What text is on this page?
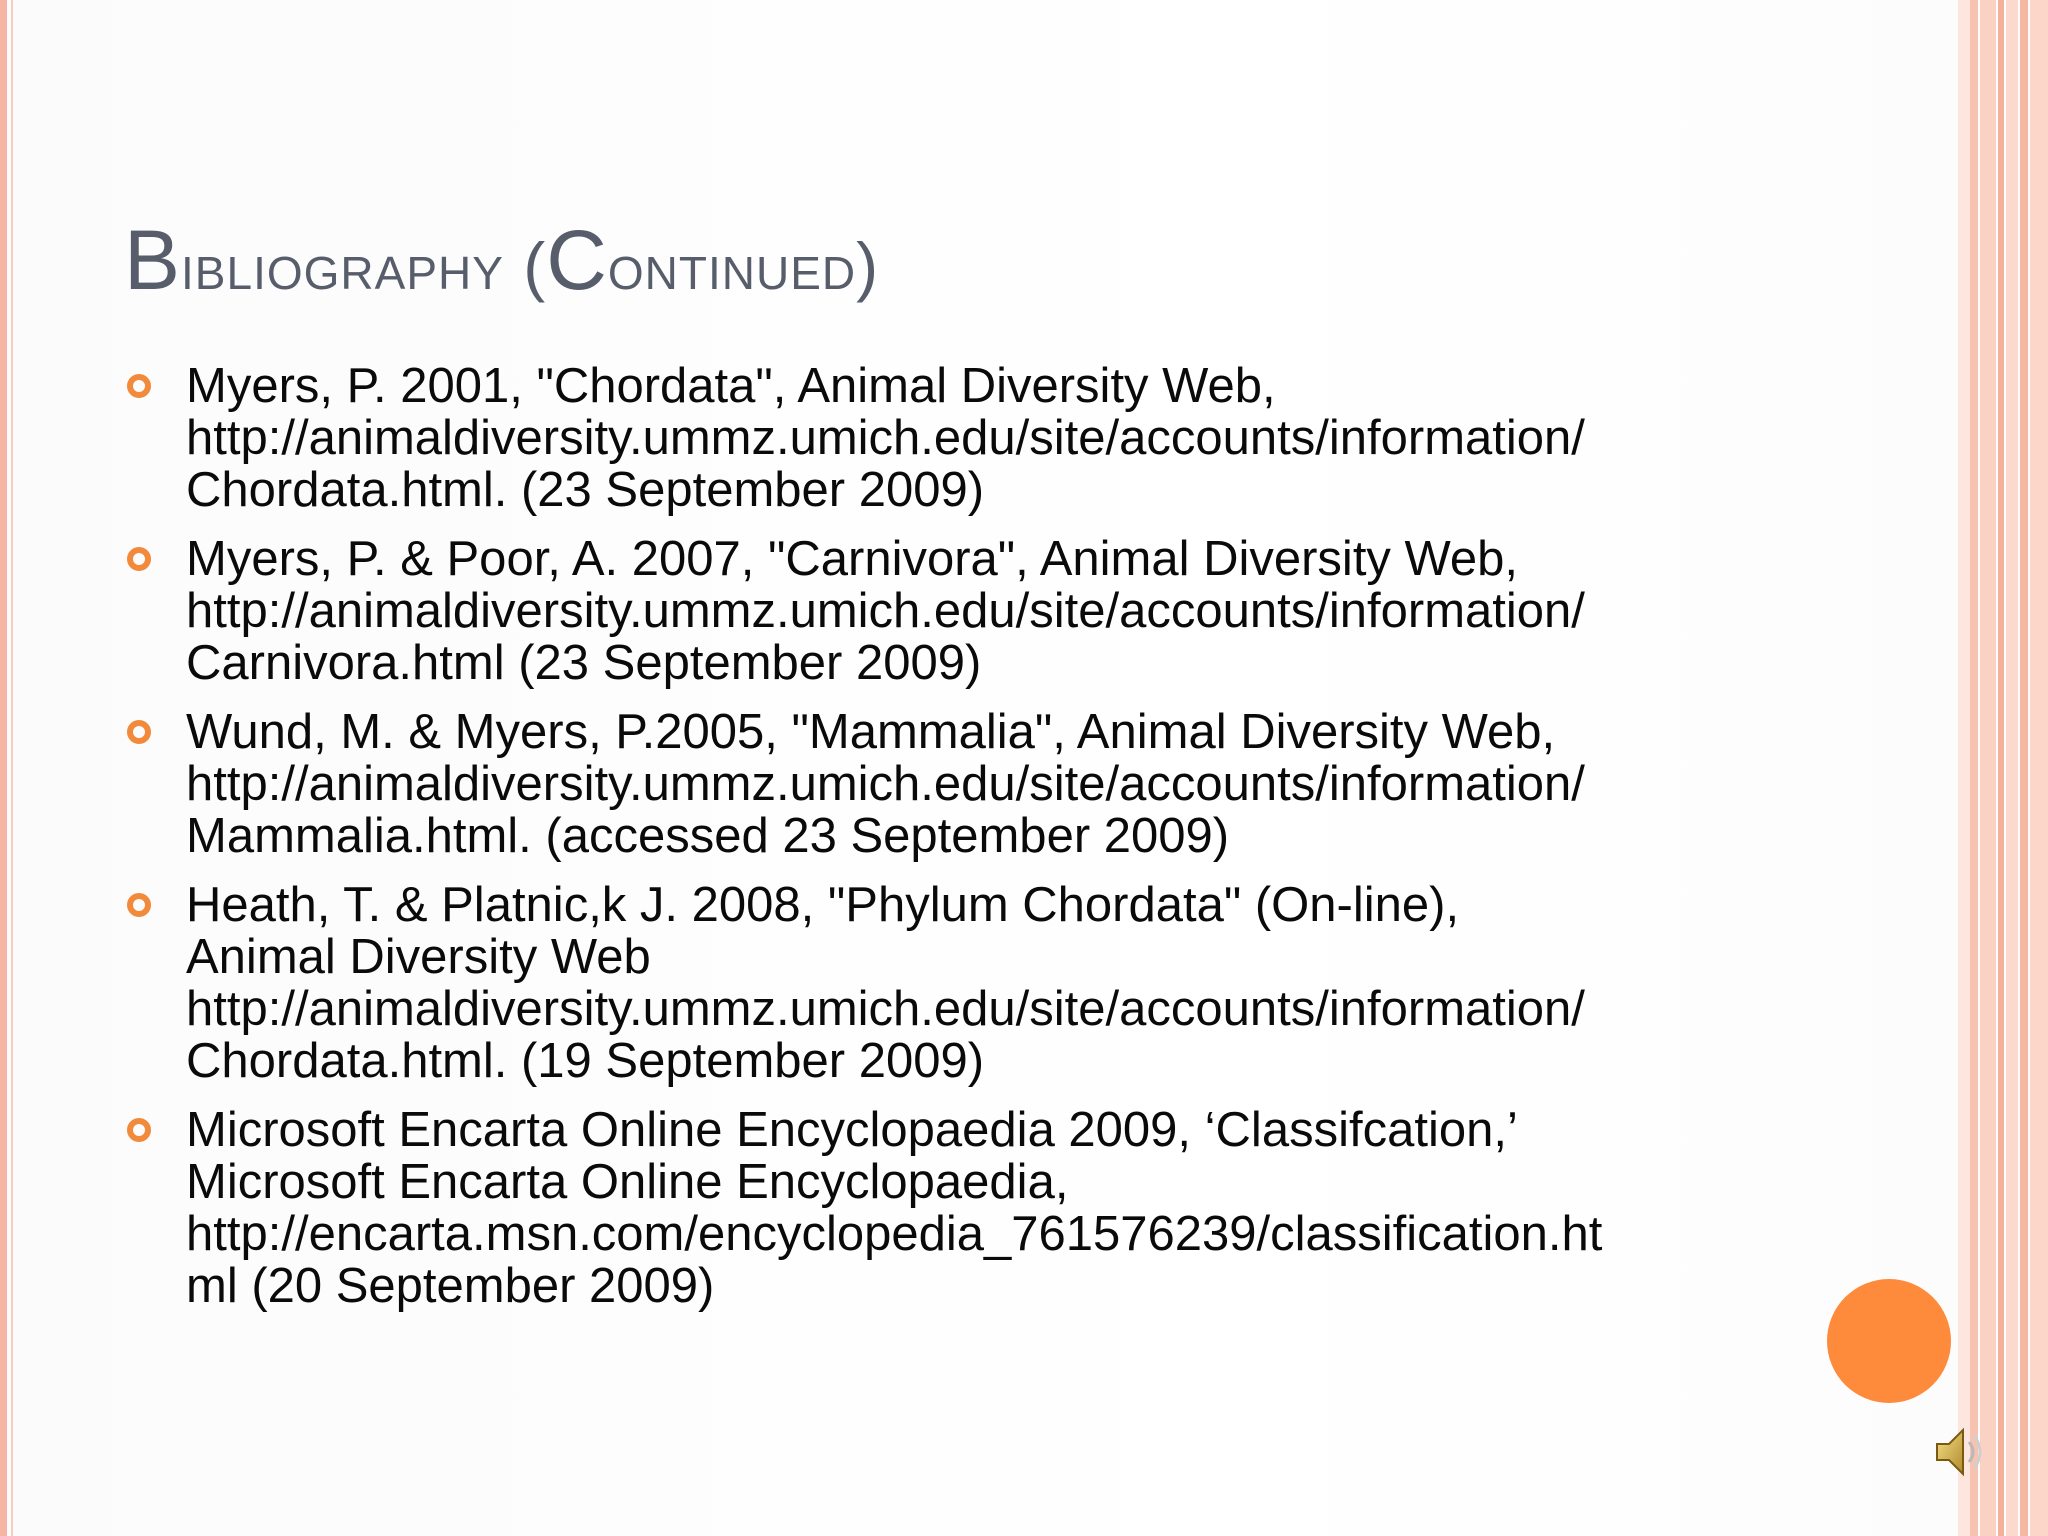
Bibliography (Continued)
Myers, P. 2001, "Chordata", Animal Diversity Web,
http://animaldiversity.ummz.umich.edu/site/accounts/information/
Chordata.html. (23 September 2009)
Myers, P. & Poor, A. 2007, "Carnivora", Animal Diversity Web,
http://animaldiversity.ummz.umich.edu/site/accounts/information/
Carnivora.html (23 September 2009)
Wund, M. & Myers, P.2005, "Mammalia", Animal Diversity Web,
http://animaldiversity.ummz.umich.edu/site/accounts/information/
Mammalia.html. (accessed 23 September 2009)
Heath, T. & Platnic,k J. 2008, "Phylum Chordata" (On-line),
Animal Diversity Web
http://animaldiversity.ummz.umich.edu/site/accounts/information/
Chordata.html. (19 September 2009)
Microsoft Encarta Online Encyclopaedia 2009, ‘Classifcation,’
Microsoft Encarta Online Encyclopaedia,
http://encarta.msn.com/encyclopedia_761576239/classification.ht
ml (20 September 2009)
